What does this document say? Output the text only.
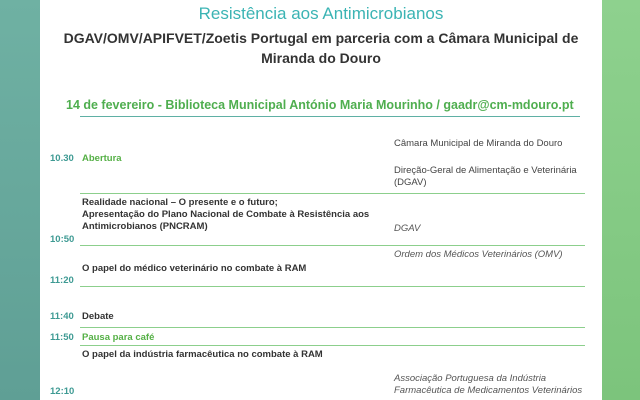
Resistência aos Antimicrobianos
DGAV/OMV/APIFVET/Zoetis Portugal em parceria com a Câmara Municipal de
Miranda do Douro
14 de fevereiro - Biblioteca Municipal António Maria Mourinho / gaadr@cm-mdouro.pt
Câmara Municipal de Miranda do Douro
10.30 Abertura
Direção-Geral de Alimentação e Veterinária
(DGAV)
Realidade nacional – O presente e o futuro;
Apresentação do Plano Nacional de Combate à Resistência aos
Antimicrobianos (PNCRAM)	DGAV
10:50
Ordem dos Médicos Veterinários (OMV)
O papel do médico veterinário no combate à RAM
11:20
11:40 Debate
11:50 Pausa para café
O papel da indústria farmacêutica no combate à RAM
Associação Portuguesa da Indústria
12:10	Farmacêutica de Medicamentos Veterinários
